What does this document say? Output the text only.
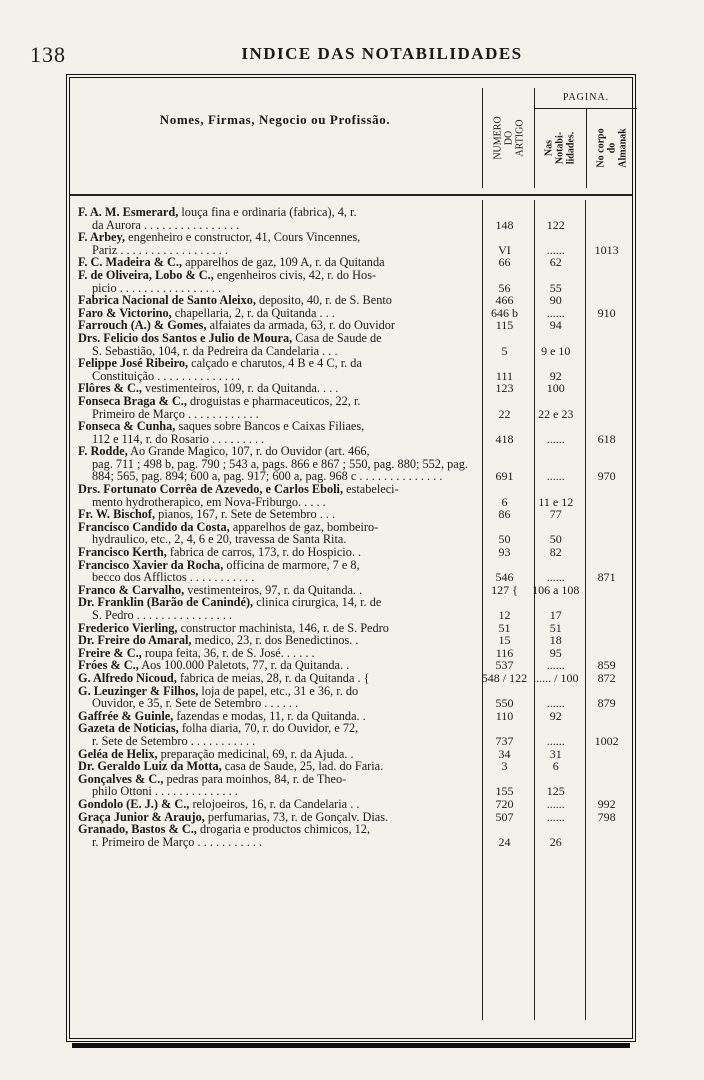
138	INDICE DAS NOTABILIDADES
Nomes, Firmas, Negocio ou Profissão.	NUMERO DO ARTIGO
PAGINA.
Nas Notabi- lidades. No corpo do Almanak
F. A. M. Esmerard, louça fina e ordinaria (fabrica), 4, r.
da Aurora . . . . . . . . . . . . . . . .	148	122
F. Arbey, engenheiro e constructor, 41, Cours Vincennes,
Pariz . . . . . . . . . . . . . . . . . .	VI	......	1013
F. C. Madeira & C., apparelhos de gaz, 109 A, r. da Quitanda	66	62
F. de Oliveira, Lobo & C., engenheiros civis, 42, r. do Hos-
picio . . . . . . . . . . . . . . . . .	56	55
Fabrica Nacional de Santo Aleixo, deposito, 40, r. de S. Bento	466	90
Faro & Victorino, chapellaria, 2, r. da Quitanda . . .	646 b	......	910
Farrouch (A.) & Gomes, alfaiates da armada, 63, r. do Ouvidor	115	94
Drs. Felicio dos Santos e Julio de Moura, Casa de Saude de
S. Sebastião, 104, r. da Pedreira da Candelaria . . .	5	9 e 10
Felippe José Ribeiro, calçado e charutos, 4 B e 4 C, r. da
Constituição . . . . . . . . . . . . . .	111	92
Flôres & C., vestimenteiros, 109, r. da Quitanda. . . .	123	100
Fonseca Braga & C., droguistas e pharmaceuticos, 22, r.
Primeiro de Março . . . . . . . . . . . .	22	22 e 23
Fonseca & Cunha, saques sobre Bancos e Caixas Filiaes,
112 e 114, r. do Rosario . . . . . . . . .	418	......	618
F. Rodde, Ao Grande Magico, 107, r. do Ouvidor (art. 466,
pag. 711 ; 498 b, pag. 790 ; 543 a, pags. 866 e 867 ; 550, pag. 880; 552, pag. 884; 565, pag. 894; 600 a, pag. 917; 600 a, pag. 968 c . . . . . . . . . . . . . .	691	......	970
Drs. Fortunato Corrêa de Azevedo, e Carlos Eboli, estabeleci-
mento hydrotherapico, em Nova-Friburgo. . . . .	6	11 e 12
Fr. W. Bischof, pianos, 167, r. Sete de Setembro . . .	86	77
Francisco Candido da Costa, apparelhos de gaz, bombeiro-
hydraulico, etc., 2, 4, 6 e 20, travessa de Santa Rita.	50	50
Francisco Kerth, fabrica de carros, 173, r. do Hospicio. .	93	82
Francisco Xavier da Rocha, officina de marmore, 7 e 8,
becco dos Afflictos . . . . . . . . . . .	546	......	871
Franco & Carvalho, vestimenteiros, 97, r. da Quitanda. .	127 {	106 a 108
Dr. Franklin (Barão de Canindé), clinica cirurgica, 14, r. de
S. Pedro . . . . . . . . . . . . . . . .	12	17
Frederico Vierling, constructor machinista, 146, r. de S. Pedro	51	51
Dr. Freire do Amaral, medico, 23, r. dos Benedictinos. .	15	18
Freire & C., roupa feita, 36, r. de S. José. . . . . .	116	95
Fróes & C., Aos 100.000 Paletots, 77, r. da Quitanda. .	537	......	859
G. Alfredo Nicoud, fabrica de meias, 28, r. da Quitanda . {	548 / 122 ...... / 100	872
G. Leuzinger & Filhos, loja de papel, etc., 31 e 36, r. do
Ouvidor, e 35, r. Sete de Setembro . . . . . .	550	......	879
Gaffrée & Guinle, fazendas e modas, 11, r. da Quitanda. .	110	92
Gazeta de Noticias, folha diaria, 70, r. do Ouvidor, e 72,
r. Sete de Setembro . . . . . . . . . . .	737	......	1002
Geléa de Helix, preparação medicinal, 69, r. da Ajuda. .	34	31
Dr. Geraldo Luiz da Motta, casa de Saude, 25, lad. do Faria.	3	6
Gonçalves & C., pedras para moinhos, 84, r. de Theo-
philo Ottoni . . . . . . . . . . . . . .	155	125
Gondolo (E. J.) & C., relojoeiros, 16, r. da Candelaria . .	720	......	992
Graça Junior & Araujo, perfumarias, 73, r. de Gonçalv. Dias.	507	......	798
Granado, Bastos & C., drogaria e productos chimicos, 12,
r. Primeiro de Março . . . . . . . . . . .	24	26
